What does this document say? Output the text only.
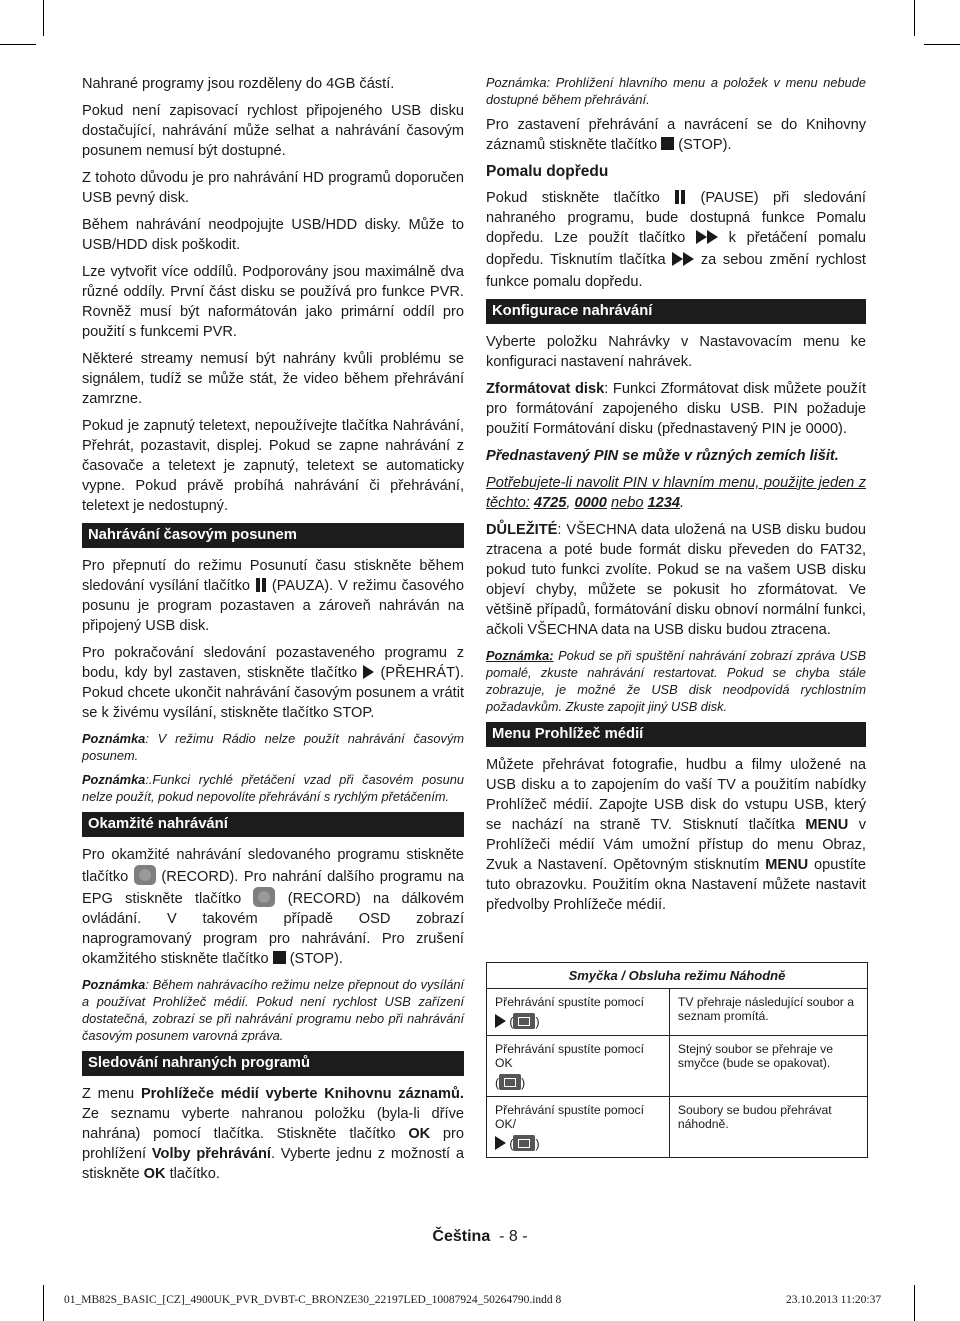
Nahrané programy jsou rozděleny do 4GB částí.

Pokud není zapisovací rychlost připojeného USB disku dostačující, nahrávání může selhat a nahrávání časovým posunem nemusí být dostupné.

Z tohoto důvodu je pro nahrávání HD programů doporučen USB pevný disk.

Během nahrávání neodpojujte USB/HDD disky. Může to USB/HDD disk poškodit.

Lze vytvořit více oddílů. Podporovány jsou maximálně dva různé oddíly. První část disku se používá pro funkce PVR. Rovněž musí být naformátován jako primární oddíl pro použití s funkcemi PVR.

Některé streamy nemusí být nahrány kvůli problému se signálem, tudíž se může stát, že video během přehrávání zamrzne.

Pokud je zapnutý teletext, nepoužívejte tlačítka Nahrávání, Přehrát, pozastavit, displej. Pokud se zapne nahrávání z časovače a teletext je zapnutý, teletext se automaticky vypne. Pokud právě probíhá nahrávání či přehrávání, teletext je nedostupný.

Nahrávání časovým posunem

Pro přepnutí do režimu Posunutí času stiskněte během sledování vysílání tlačítko (PAUZA). V režimu časového posunu je program pozastaven a zároveň nahráván na připojený USB disk.

Pro pokračování sledování pozastaveného programu z bodu, kdy byl zastaven, stiskněte tlačítko (PŘEHRÁT). Pokud chcete ukončit nahrávání časovým posunem a vrátit se k živému vysílání, stiskněte tlačítko STOP.

Poznámka: V režimu Rádio nelze použít nahrávání časovým posunem.

Poznámka:.Funkci rychlé přetáčení vzad při časovém posunu nelze použít, pokud nepovolíte přehrávání s rychlým přetáčením.

Okamžité nahrávání

Pro okamžité nahrávání sledovaného programu stiskněte tlačítko (RECORD). Pro nahrání dalšího programu na EPG stiskněte tlačítko	(RECORD) na dálkovém ovládání. V takovém případě OSD zobrazí naprogramovaný program pro nahrávání. Pro zrušení okamžitého stiskněte tlačítko (STOP).

Poznámka: Během nahrávacího režimu nelze přepnout do vysílání a používat Prohlížeč médií. Pokud není rychlost USB zařízení dostatečná, zobrazí se při nahrávání programu nebo při nahrávání časovým posunem varovná zpráva.

Sledování nahraných programů

Z menu Prohlížeče médií vyberte Knihovnu záznamů. Ze seznamu vyberte nahranou položku (byla-li dříve nahrána) pomocí tlačítka. Stiskněte tlačítko OK pro prohlížení Volby přehrávání. Vyberte jednu z možností a stiskněte OK tlačítko.

Poznámka: Prohlížení hlavního menu a položek v menu nebude dostupné během přehrávání.

Pro zastavení přehrávání a navrácení se do Knihovny záznamů stiskněte tlačítko (STOP).

Pomalu dopředu

Pokud stiskněte tlačítko	(PAUSE) při sledování nahraného programu, bude dostupná funkce Pomalu dopředu. Lze použít tlačítko	k přetáčení pomalu dopředu. Tisknutím tlačítka za sebou změní rychlost funkce pomalu dopředu.

Konfigurace nahrávání

Vyberte položku Nahrávky v Nastavovacím menu ke konfiguraci nastavení nahrávek.

Zformátovat disk: Funkci Zformátovat disk můžete použít pro formátování zapojeného disku USB. PIN požaduje použití Formátování disku (přednastavený PIN je 0000).

Přednastavený PIN se může v různých zemích lišit.

Potřebujete-li navolit PIN v hlavním menu, použijte jeden z těchto: 4725, 0000 nebo 1234.

DŮLEŽITÉ: VŠECHNA data uložená na USB disku budou ztracena a poté bude formát disku převeden do FAT32, pokud tuto funkci zvolíte. Pokud se na vašem USB disku objeví chyby, můžete se pokusit ho zformátovat. Ve většině případů, formátování disku obnoví normální funkci, ačkoli VŠECHNA data na USB disku budou ztracena.

Poznámka: Pokud se při spuštění nahrávání zobrazí zpráva USB pomalé, zkuste nahrávání restartovat. Pokud se chyba stále zobrazuje, je možné že USB disk neodpovídá rychlostním požadavkům. Zkuste zapojit jiný USB disk.

Menu Prohlížeč médií

Můžete přehrávat fotografie, hudbu a filmy uložené na USB disku a to zapojením do vaší TV a použitím nabídky Prohlížeč médií. Zapojte USB disk do vstupu USB, který se nachází na straně TV. Stisknutí tlačítka MENU v Prohlížeči médií Vám umožní přístup do menu Obraz, Zvuk a Nastavení. Opětovným stisknutím MENU opustíte tuto obrazovku. Použitím okna Nastavení můžete nastavit předvolby Prohlížeče médií.

Smyčka / Obsluha režimu Náhodně	

Přehrávání spustíte pomocí
( )	TV přehraje následující soubor a seznam promítá.

Přehrávání spustíte pomocí OK
( )	Stejný soubor se přehraje ve smyčce (bude se opakovat).

Přehrávání spustíte pomocí OK/
( )	Soubory se budou přehrávat náhodně.
Čeština - 8 -
01_MB82S_BASIC_[CZ]_4900UK_PVR_DVBT-C_BRONZE30_22197LED_10087924_50264790.indd 8	23.10.2013 11:20:37
